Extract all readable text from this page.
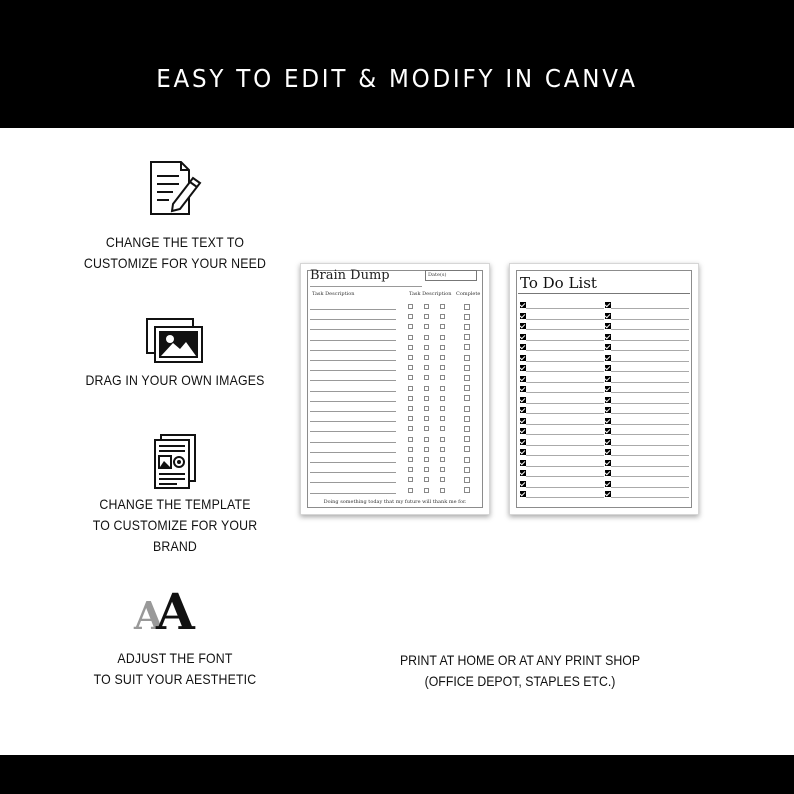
EASY TO EDIT & MODIFY IN CANVA
CHANGE THE TEXT TO
CUSTOMIZE FOR YOUR NEED
DRAG IN YOUR OWN IMAGES
CHANGE THE TEMPLATE
TO CUSTOMIZE FOR YOUR BRAND
A
A
ADJUST THE FONT
TO SUIT YOUR AESTHETIC
Brain Dump	Date(s)
Task Description	Task Description Complete
Doing something today that my future will thank me for.
To Do List
PRINT AT HOME OR AT ANY PRINT SHOP
(OFFICE DEPOT, STAPLES ETC.)
